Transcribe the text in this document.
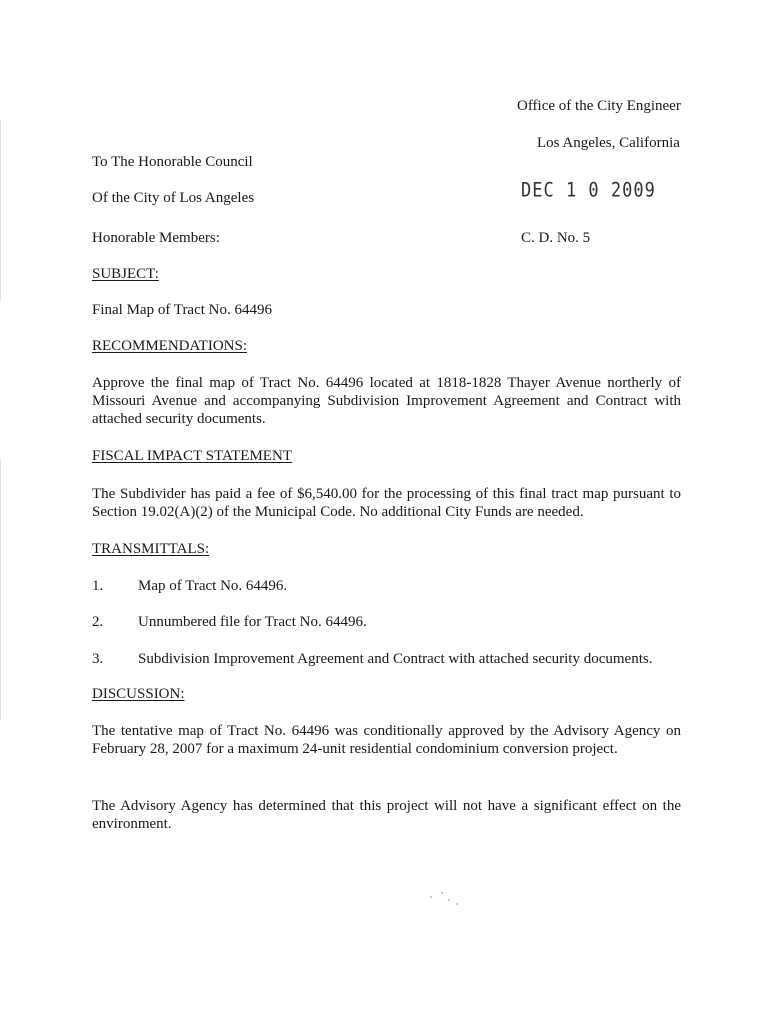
Office of the City Engineer
Los Angeles, California
DEC 1 0 2009
C. D. No. 5
To The Honorable Council
Of the City of Los Angeles
Honorable Members:
SUBJECT:
Final Map of Tract No. 64496
RECOMMENDATIONS:
Approve the final map of Tract No. 64496 located at 1818-1828 Thayer Avenue northerly of Missouri Avenue and accompanying Subdivision Improvement Agreement and Contract with attached security documents.
FISCAL IMPACT STATEMENT
The Subdivider has paid a fee of $6,540.00 for the processing of this final tract map pursuant to Section 19.02(A)(2) of the Municipal Code. No additional City Funds are needed.
TRANSMITTALS:
1. Map of Tract No. 64496.
2. Unnumbered file for Tract No. 64496.
3. Subdivision Improvement Agreement and Contract with attached security documents.
DISCUSSION:
The tentative map of Tract No. 64496 was conditionally approved by the Advisory Agency on February 28, 2007 for a maximum 24-unit residential condominium conversion project.
The Advisory Agency has determined that this project will not have a significant effect on the environment.
